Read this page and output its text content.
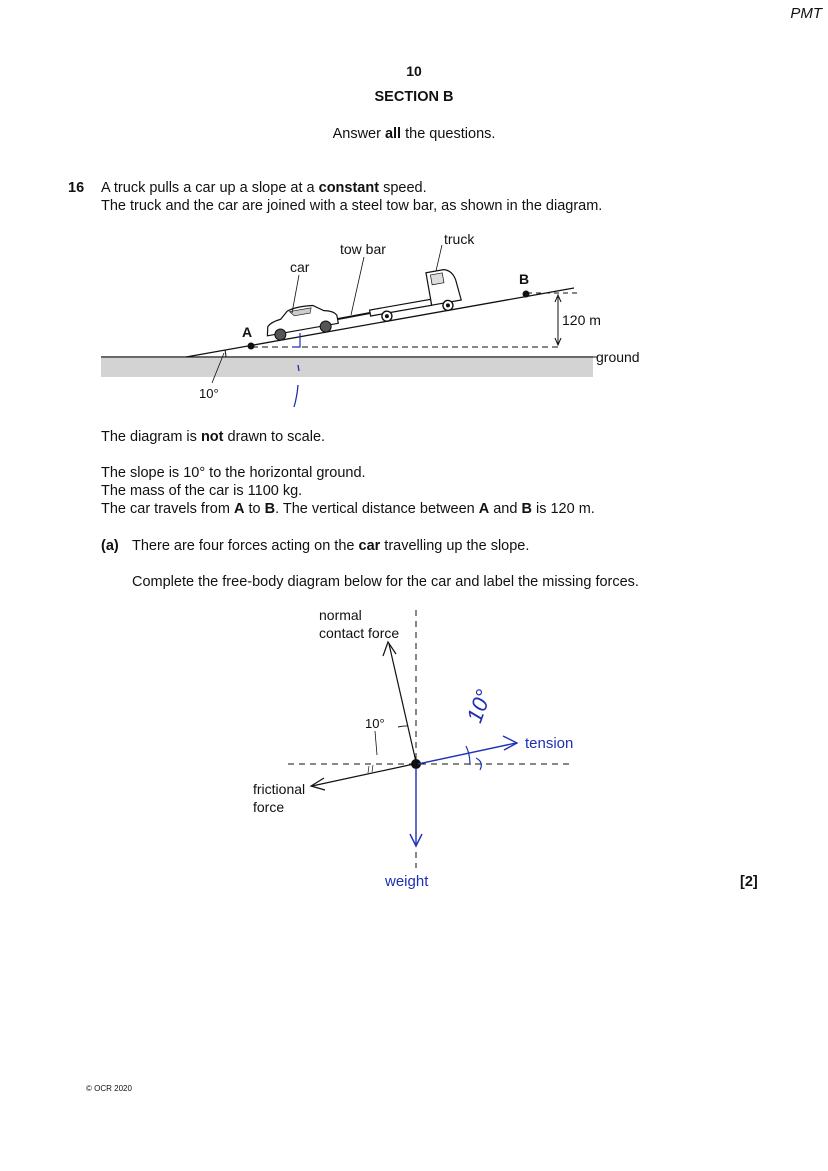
PMT
10
SECTION B
Answer all the questions.
16 A truck pulls a car up a slope at a constant speed.
The truck and the car are joined with a steel tow bar, as shown in the diagram.
truck
tow bar
car
A
B
120 m
ground
10°
The diagram is not drawn to scale.
The slope is 10° to the horizontal ground.
The mass of the car is 1100 kg.
The car travels from A to B. The vertical distance between A and B is 120 m.
(a) There are four forces acting on the car travelling up the slope.
Complete the free-body diagram below for the car and label the missing forces.
normal
contact force
10°
frictional
force
tension
weight
10°
[2]
© OCR 2020
